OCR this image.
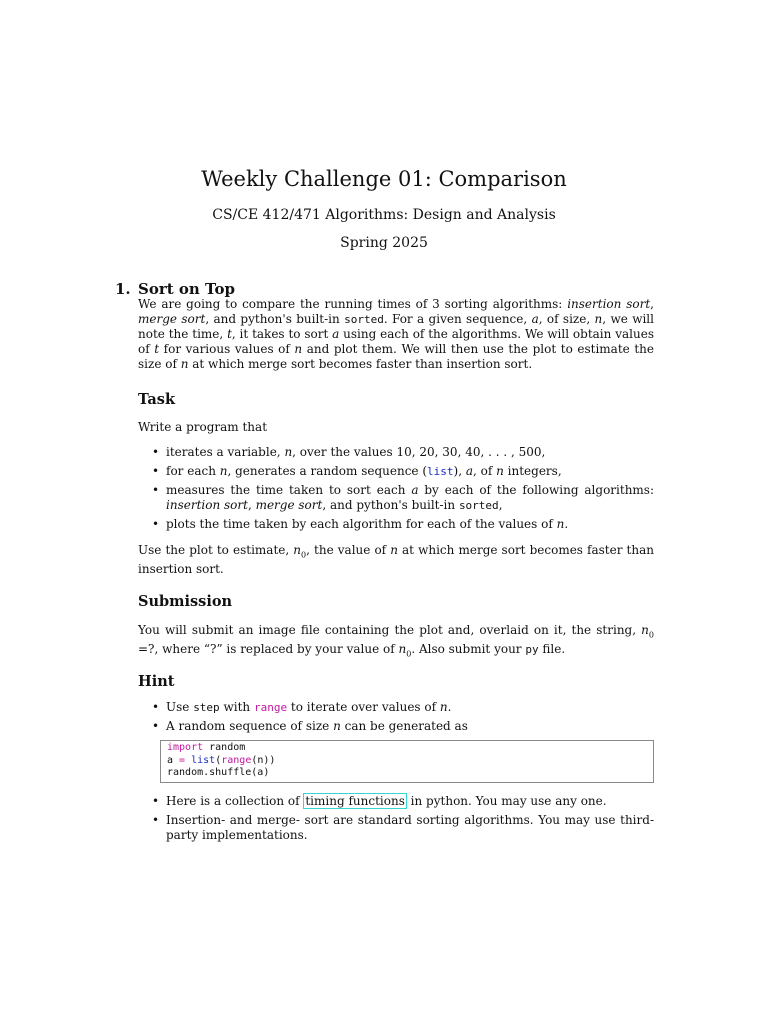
Weekly Challenge 01: Comparison
CS/CE 412/471 Algorithms: Design and Analysis
Spring 2025
1. Sort on Top
We are going to compare the running times of 3 sorting algorithms: insertion sort, merge sort, and python's built-in sorted. For a given sequence, a, of size, n, we will note the time, t, it takes to sort a using each of the algorithms. We will obtain values of t for various values of n and plot them. We will then use the plot to estimate the size of n at which merge sort becomes faster than insertion sort.
Task
Write a program that
• iterates a variable, n, over the values 10, 20, 30, 40, . . . , 500,
• for each n, generates a random sequence (list), a, of n integers,
• measures the time taken to sort each a by each of the following algorithms: insertion sort, merge sort, and python's built-in sorted,
• plots the time taken by each algorithm for each of the values of n.
Use the plot to estimate, $n_0$, the value of n at which merge sort becomes faster than insertion sort.
Submission
You will submit an image file containing the plot and, overlaid on it, the string, $n_0$ =?, where “?” is replaced by your value of $n_0$. Also submit your py file.
Hint
• Use step with range to iterate over values of n.
• A random sequence of size n can be generated as
import random
a = list(range(n))
random.shuffle(a)
• Here is a collection of timing functions in python. You may use any one.
• Insertion- and merge- sort are standard sorting algorithms. You may use third-party implementations.
